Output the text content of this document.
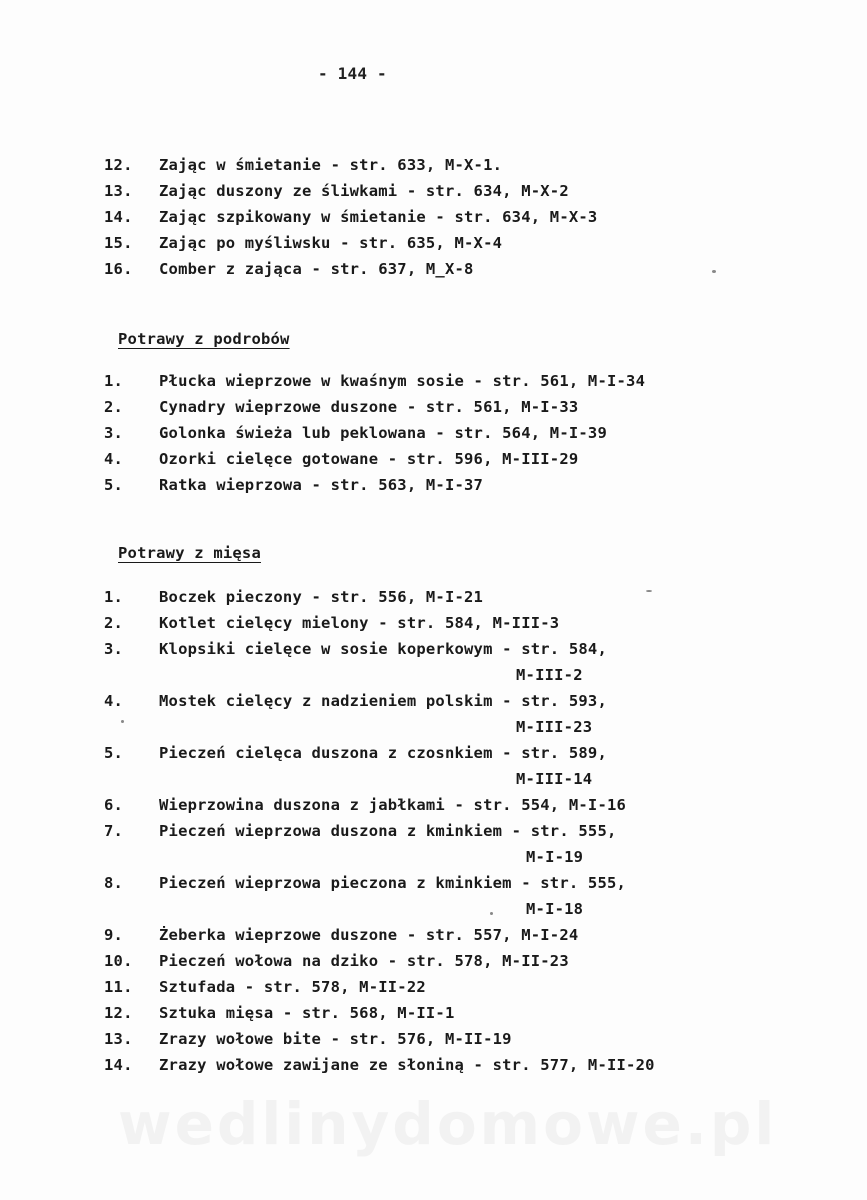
- 144 -
12.	Zając w śmietanie - str. 633, M-X-1.
13.	Zając duszony ze śliwkami - str. 634, M-X-2
14.	Zając szpikowany w śmietanie - str. 634, M-X-3
15.	Zając po myśliwsku - str. 635, M-X-4
16.	Comber z zająca - str. 637, M_X-8
Potrawy z podrobów
1.	Płucka wieprzowe w kwaśnym sosie - str. 561, M-I-34
2.	Cynadry wieprzowe duszone - str. 561, M-I-33
3.	Golonka świeża lub peklowana - str. 564, M-I-39
4.	Ozorki cielęce gotowane - str. 596, M-III-29
5.	Ratka wieprzowa - str. 563, M-I-37
Potrawy z mięsa
1.	Boczek pieczony - str. 556, M-I-21
2.	Kotlet cielęcy mielony - str. 584, M-III-3
3.	Klopsiki cielęce w sosie koperkowym - str. 584,
M-III-2
4.	Mostek cielęcy z nadzieniem polskim - str. 593,
M-III-23
5.	Pieczeń cielęca duszona z czosnkiem - str. 589,
M-III-14
6.	Wieprzowina duszona z jabłkami - str. 554, M-I-16
7.	Pieczeń wieprzowa duszona z kminkiem - str. 555,
M-I-19
8.	Pieczeń wieprzowa pieczona z kminkiem - str. 555,
M-I-18
9.	Żeberka wieprzowe duszone - str. 557, M-I-24
10.	Pieczeń wołowa na dziko - str. 578, M-II-23
11.	Sztufada - str. 578, M-II-22
12.	Sztuka mięsa - str. 568, M-II-1
13.	Zrazy wołowe bite - str. 576, M-II-19
14.	Zrazy wołowe zawijane ze słoniną - str. 577, M-II-20
wedlinydomowe.pl
